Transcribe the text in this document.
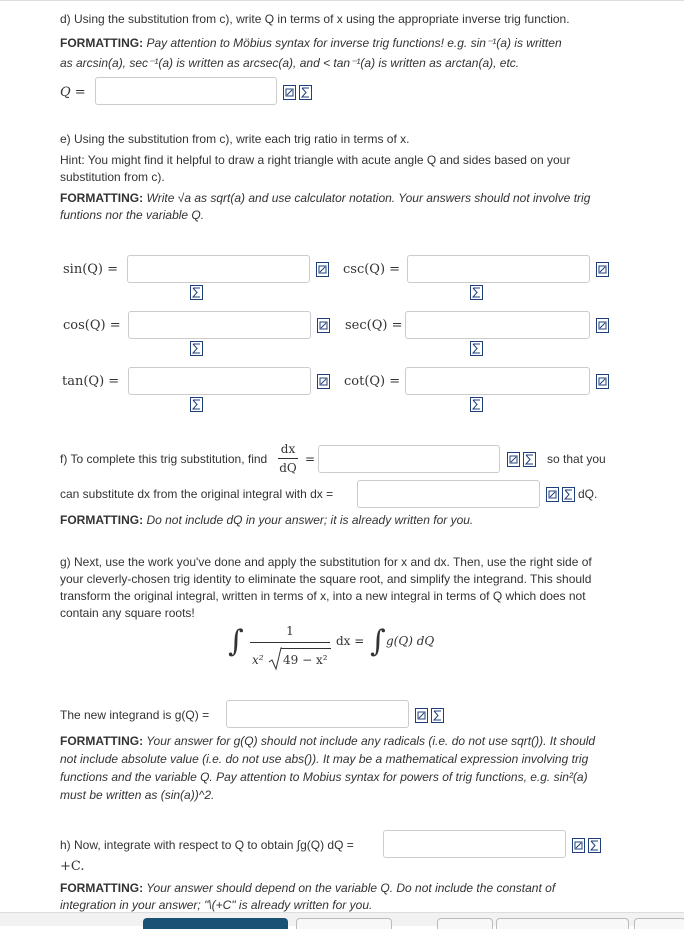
d) Using the substitution from c), write Q in terms of x using the appropriate inverse trig function.
FORMATTING: Pay attention to Möbius syntax for inverse trig functions! e.g. sin⁻¹(a) is written
as arcsin(a), sec⁻¹(a) is written as arcsec(a), and < tan⁻¹(a) is written as arctan(a), etc.
Q =
e) Using the substitution from c), write each trig ratio in terms of x.
Hint: You might find it helpful to draw a right triangle with acute angle Q and sides based on your
substitution from c).
FORMATTING: Write √a as sqrt(a) and use calculator notation. Your answers should not involve trig
funtions nor the variable Q.
sin(Q) =	csc(Q) =
cos(Q) =	sec(Q) =
tan(Q) =	cot(Q) =
f) To complete this trig substitution, find
dx
dQ
=	so that you
can substitute dx from the original integral with dx =	dQ.
FORMATTING: Do not include dQ in your answer; it is already written for you.
g) Next, use the work you've done and apply the substitution for x and dx. Then, use the right side of
your cleverly-chosen trig identity to eliminate the square root, and simplify the integrand. This should
transform the original integral, written in terms of x, into a new integral in terms of Q which does not
contain any square roots!
∫	1
x² 49 − x²
dx = ∫ g(Q) dQ
The new integrand is g(Q) =
FORMATTING: Your answer for g(Q) should not include any radicals (i.e. do not use sqrt()). It should
not include absolute value (i.e. do not use abs()). It may be a mathematical expression involving trig
functions and the variable Q. Pay attention to Mobius syntax for powers of trig functions, e.g. sin²(a)
must be written as (sin(a))^2.
h) Now, integrate with respect to Q to obtain ∫g(Q) dQ =
+C.
FORMATTING: Your answer should depend on the variable Q. Do not include the constant of
integration in your answer; "\(+C" is already written for you.
